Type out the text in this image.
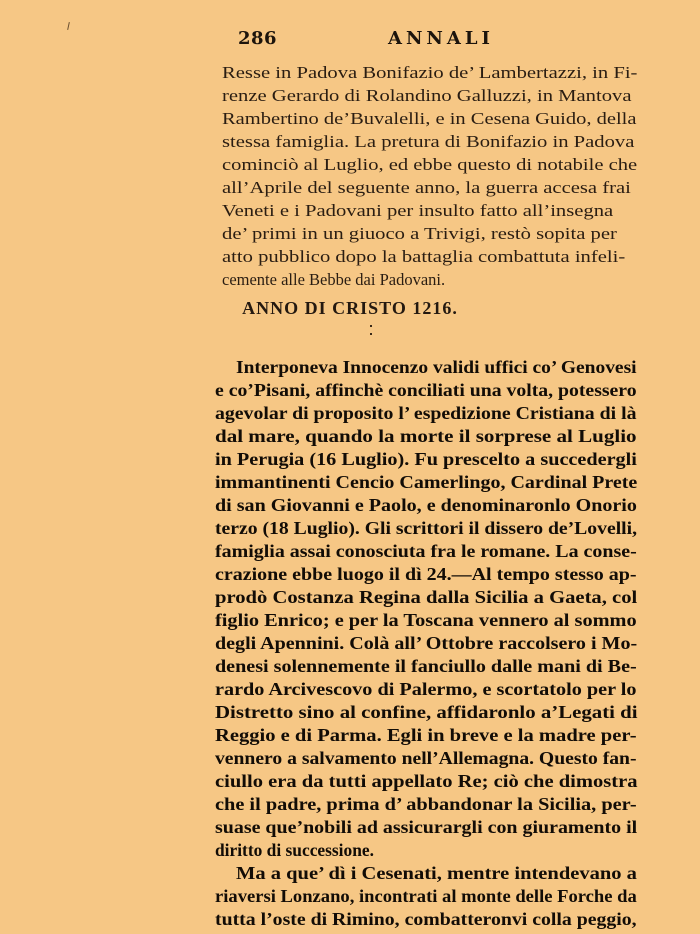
286	ANNALI
Resse in Padova Bonifazio de’ Lambertazzi, in Fi-
renze Gerardo di Rolandino Galluzzi, in Mantova
Rambertino de’Buvalelli, e in Cesena Guido, della
stessa famiglia. La pretura di Bonifazio in Padova
cominciò al Luglio, ed ebbe questo di notabile che
all’Aprile del seguente anno, la guerra accesa frai
Veneti e i Padovani per insulto fatto all’insegna
de’ primi in un giuoco a Trivigi, restò sopita per
atto pubblico dopo la battaglia combattuta infeli-
cemente alle Bebbe dai Padovani.
ANNO DI CRISTO 1216.
Interponeva Innocenzo validi uffici co’ Genovesi
e co’Pisani, affinchè conciliati una volta, potessero
agevolar di proposito l’ espedizione Cristiana di là
dal mare, quando la morte il sorprese al Luglio
in Perugia (16 Luglio). Fu prescelto a succedergli
immantinenti Cencio Camerlingo, Cardinal Prete
di san Giovanni e Paolo, e denominaronlo Onorio
terzo (18 Luglio). Gli scrittori il dissero de’Lovelli,
famiglia assai conosciuta fra le romane. La conse-
crazione ebbe luogo il dì 24.—Al tempo stesso ap-
prodò Costanza Regina dalla Sicilia a Gaeta, col
figlio Enrico; e per la Toscana vennero al sommo
degli Apennini. Colà all’ Ottobre raccolsero i Mo-
denesi solennemente il fanciullo dalle mani di Be-
rardo Arcivescovo di Palermo, e scortatolo per lo
Distretto sino al confine, affidaronlo a’Legati di
Reggio e di Parma. Egli in breve e la madre per-
vennero a salvamento nell’Allemagna. Questo fan-
ciullo era da tutti appellato Re; ciò che dimostra
che il padre, prima d’ abbandonar la Sicilia, per-
suase que’nobili ad assicurargli con giuramento il
diritto di successione.
Ma a que’ dì i Cesenati, mentre intendevano a
riaversi Lonzano, incontrati al monte delle Forche da
tutta l’oste di Rimino, combatteronvi colla peggio,
